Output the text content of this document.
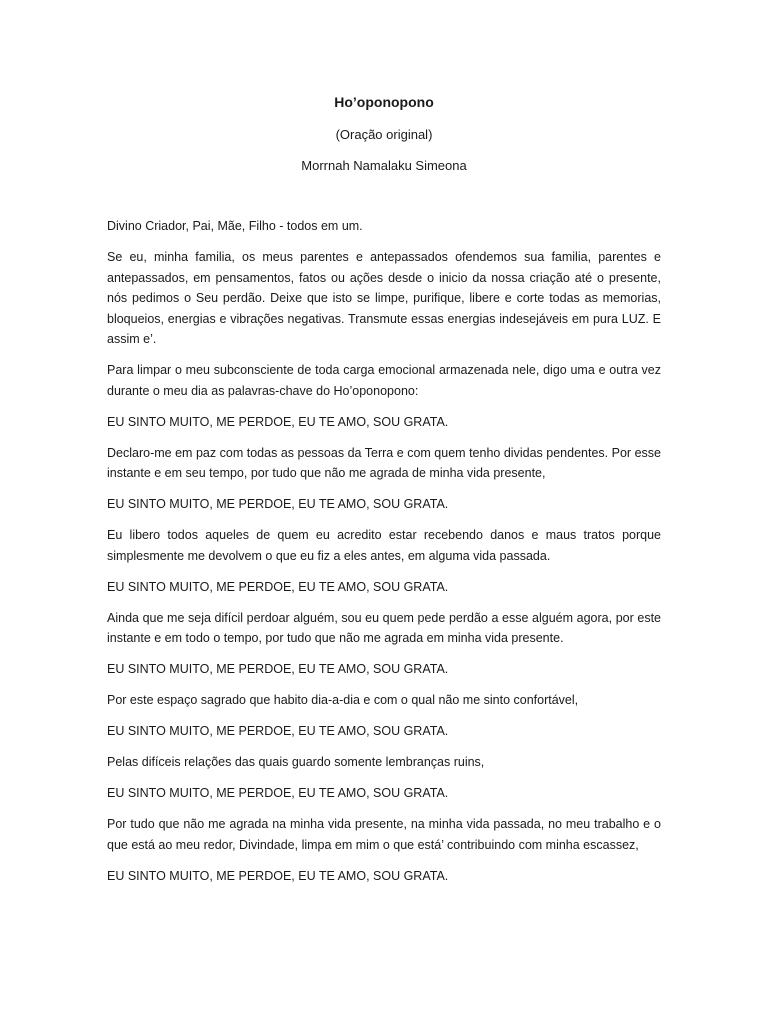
Ho’oponopono

(Oração original)

Morrnah Namalaku Simeona

Divino Criador, Pai, Mãe, Filho - todos em um.

Se eu, minha familia, os meus parentes e antepassados ofendemos sua familia, parentes e antepassados, em pensamentos, fatos ou ações desde o inicio da nossa criação até o presente, nós pedimos o Seu perdão. Deixe que isto se limpe, purifique, libere e corte todas as memorias, bloqueios, energias e vibrações negativas. Transmute essas energias indesejáveis em pura LUZ. E assim e’.

Para limpar o meu subconsciente de toda carga emocional armazenada nele, digo uma e outra vez durante o meu dia as palavras-chave do Ho’oponopono:

EU SINTO MUITO, ME PERDOE, EU TE AMO, SOU GRATA.

Declaro-me em paz com todas as pessoas da Terra e com quem tenho dividas pendentes. Por esse instante e em seu tempo, por tudo que não me agrada de minha vida presente,

EU SINTO MUITO, ME PERDOE, EU TE AMO, SOU GRATA.

Eu libero todos aqueles de quem eu acredito estar recebendo danos e maus tratos porque simplesmente me devolvem o que eu fiz a eles antes, em alguma vida passada.

EU SINTO MUITO, ME PERDOE, EU TE AMO, SOU GRATA.

Ainda que me seja difícil perdoar alguém, sou eu quem pede perdão a esse alguém agora, por este instante e em todo o tempo, por tudo que não me agrada em minha vida presente.

EU SINTO MUITO, ME PERDOE, EU TE AMO, SOU GRATA.

Por este espaço sagrado que habito dia-a-dia e com o qual não me sinto confortável,

EU SINTO MUITO, ME PERDOE, EU TE AMO, SOU GRATA.

Pelas difíceis relações das quais guardo somente lembranças ruins,

EU SINTO MUITO, ME PERDOE, EU TE AMO, SOU GRATA.

Por tudo que não me agrada na minha vida presente, na minha vida passada, no meu trabalho e o que está ao meu redor, Divindade, limpa em mim o que está’ contribuindo com minha escassez,

EU SINTO MUITO, ME PERDOE, EU TE AMO, SOU GRATA.
